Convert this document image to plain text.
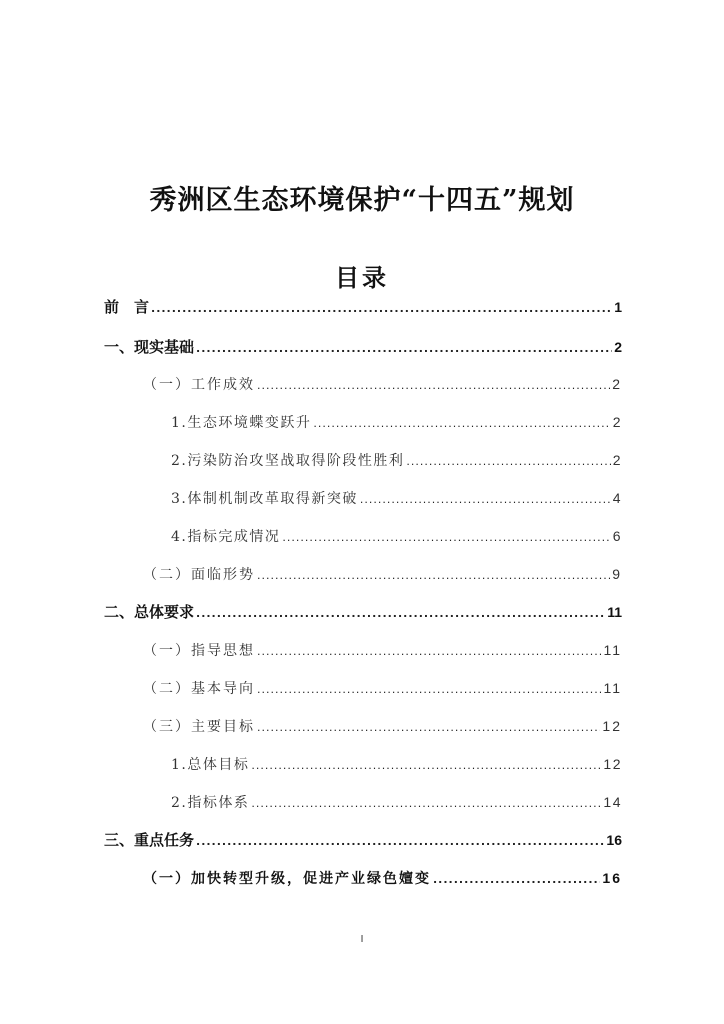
秀洲区生态环境保护“十四五”规划
目录
前　言 .....	1
一、现实基础 .....	2
（一）工作成效 .....	2
1.生态环境蝶变跃升 .....	2
2.污染防治攻坚战取得阶段性胜利 .....	2
3.体制机制改革取得新突破 .....	4
4.指标完成情况 .....	6
（二）面临形势 .....	9
二、总体要求 .....	11
（一）指导思想 .....	11
（二）基本导向 .....	11
（三）主要目标 .....	12
1.总体目标 .....	12
2.指标体系 .....	14
三、重点任务 .....	16
（一）加快转型升级，促进产业绿色嬗变 .....	16
I
